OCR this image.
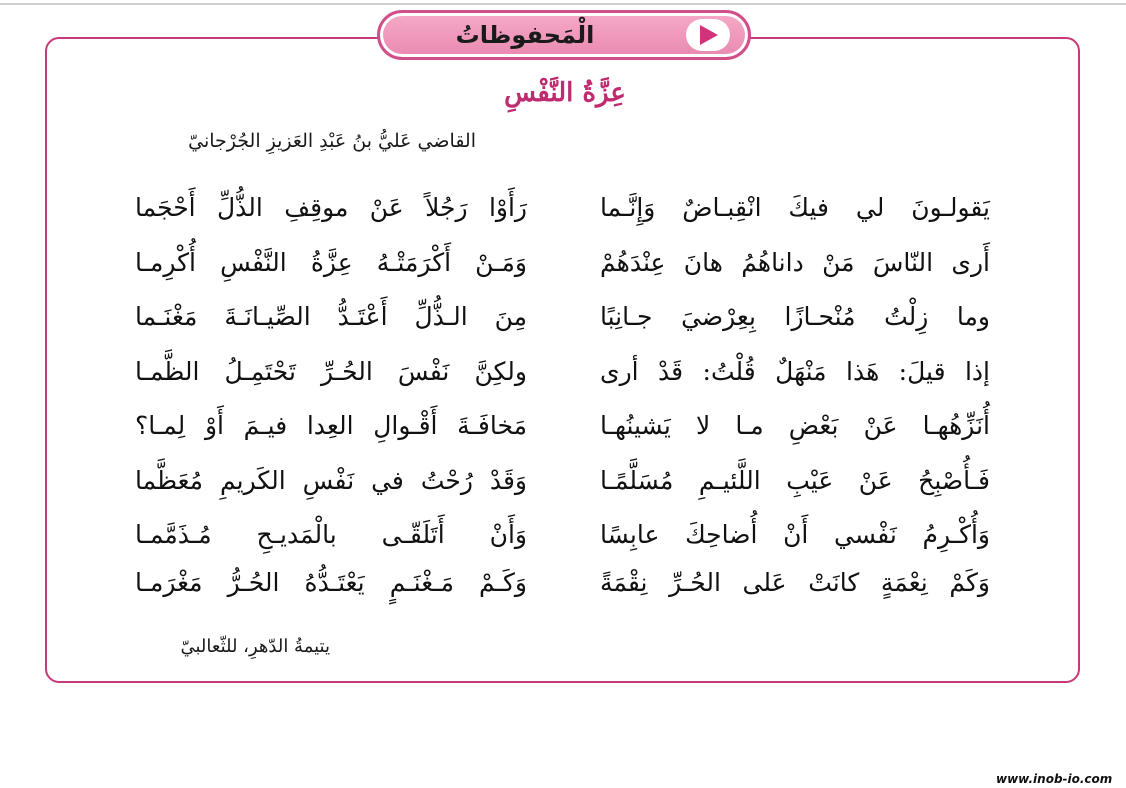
الْمَحفوظاتُ
عِزَّةُ النَّفْسِ
القاضي عَليُّ بنُ عَبْدِ العَزيزِ الجُرْجانيّ
يَقولـونَ لي فيكَ انْقِبـاضٌ وَإِنَّـما
رَأَوْا رَجُلاً عَنْ موقِفِ الذُّلِّ أَحْجَما
أَرى النّاسَ مَنْ داناهُمُ هانَ عِنْدَهُمْ
وَمَـنْ أَكْرَمَتْـهُ عِزَّةُ النَّفْسِ أُكْرِمـا
وما زِلْتُ مُنْحـازًا بِعِرْضيَ جـانِبًا
مِنَ الـذُّلِّ أَعْتَـدُّ الصِّيـانَـةَ مَغْنَـما
إذا قيلَ: هَذا مَنْهَلٌ قُلْتُ: قَدْ أرى
ولكِنَّ نَفْسَ الحُـرِّ تَحْتَمِـلُ الظَّمـا
أُنَزِّهُهـا عَنْ بَعْضِ مـا لا يَشينُهـا
مَخافَـةَ أَقْـوالِ العِدا فيـمَ أَوْ لِمـا؟
فَـأُصْبِحُ عَنْ عَيْبِ اللَّئيـمِ مُسَلَّمًـا
وَقَدْ رُحْتُ في نَفْسِ الكَريمِ مُعَظَّما
وَأُكْـرِمُ نَفْسي أَنْ أُضاحِكَ عابِسًا
وَأَنْ أَتَلَقّـى بالْمَديـحِ مُـذَمَّمـا
وَكَمْ نِعْمَةٍ كانَتْ عَلى الحُـرِّ نِقْمَةً
وَكَـمْ مَـغْنَـمٍ يَعْتَـدُّهُ الحُـرُّ مَغْرَمـا
يتيمةُ الدّهرِ، للثّعالبيّ
www.inob-io.com
